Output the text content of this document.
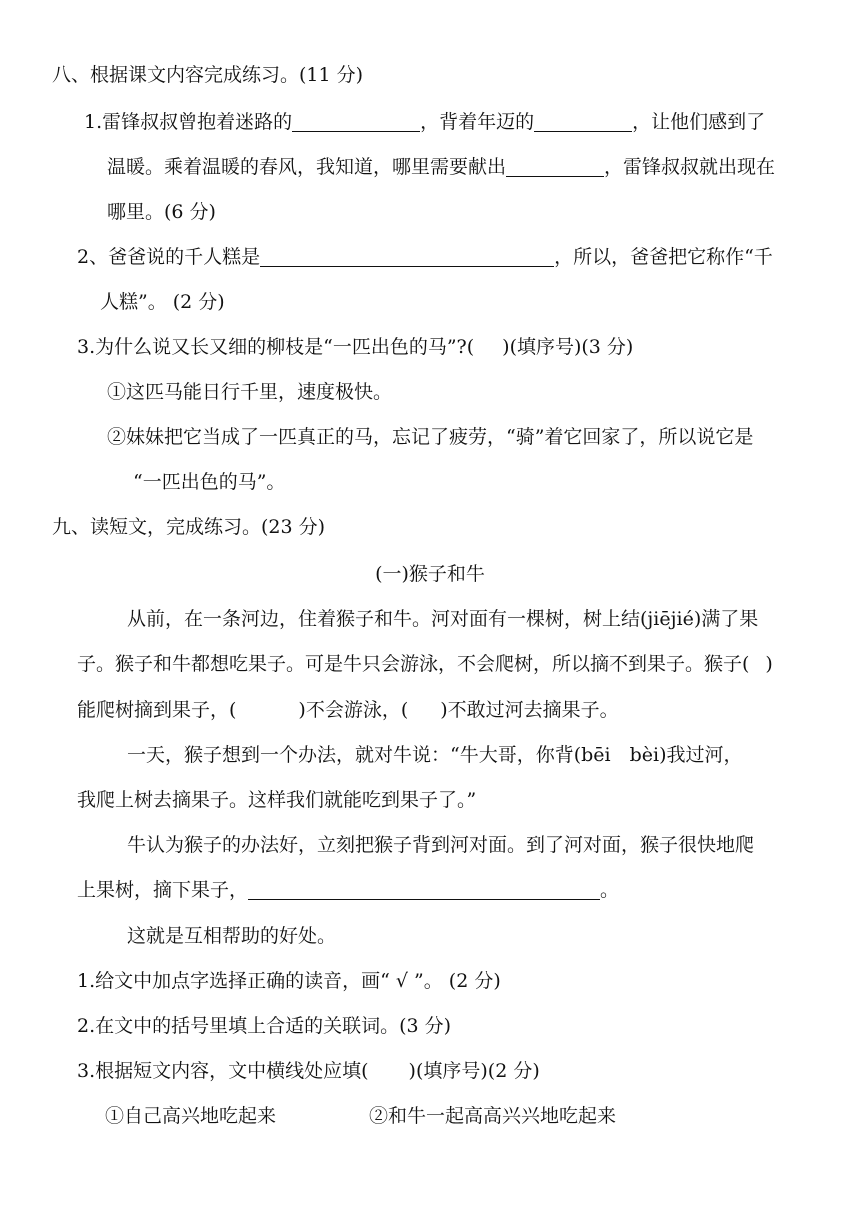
八、根据课文内容完成练习。(11 分)
1.雷锋叔叔曾抱着迷路的	，背着年迈的	，让他们感到了
温暖。乘着温暖的春风，我知道，哪里需要献出	，雷锋叔叔就出现在
哪里。(6 分)
2、爸爸说的千人糕是	，所以，爸爸把它称作“千
人糕”。 (2 分)
3.为什么说又长又细的柳枝是“一匹出色的马”?( )(填序号)(3 分)
①这匹马能日行千里，速度极快。
②妹妹把它当成了一匹真正的马，忘记了疲劳，“骑”着它回家了，所以说它是
“一匹出色的马”。
九、读短文，完成练习。(23 分)
(一)猴子和牛
从前，在一条河边，住着猴子和牛。河对面有一棵树，树上结(jiējié)满了果
子。猴子和牛都想吃果子。可是牛只会游泳，不会爬树，所以摘不到果子。猴子( )
能爬树摘到果子，(	)不会游泳，( )不敢过河去摘果子。
一天，猴子想到一个办法，就对牛说：“牛大哥，你背(bēi　bèi)我过河，
我爬上树去摘果子。这样我们就能吃到果子了。”
牛认为猴子的办法好，立刻把猴子背到河对面。到了河对面，猴子很快地爬
上果树，摘下果子，	。
这就是互相帮助的好处。
1.给文中加点字选择正确的读音，画“ √ ”。 (2 分)
2.在文中的括号里填上合适的关联词。(3 分)
3.根据短文内容，文中横线处应填( )(填序号)(2 分)
①自己高兴地吃起来	②和牛一起高高兴兴地吃起来
